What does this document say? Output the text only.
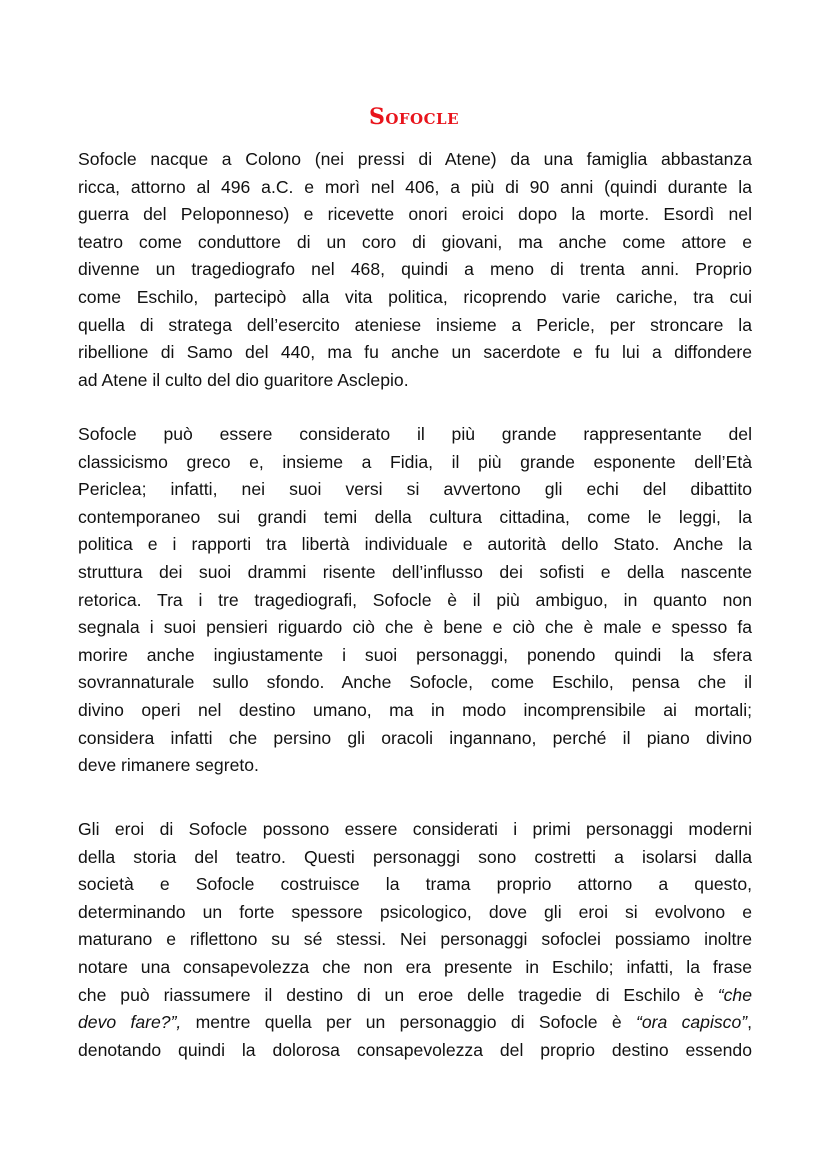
Sofocle
Sofocle nacque a Colono (nei pressi di Atene) da una famiglia abbastanza
ricca, attorno al 496 a.C. e morì nel 406, a più di 90 anni (quindi durante la
guerra del Peloponneso) e ricevette onori eroici dopo la morte. Esordì nel
teatro come conduttore di un coro di giovani, ma anche come attore e
divenne un tragediografo nel 468, quindi a meno di trenta anni. Proprio
come Eschilo, partecipò alla vita politica, ricoprendo varie cariche, tra cui
quella di stratega dell’esercito ateniese insieme a Pericle, per stroncare la
ribellione di Samo del 440, ma fu anche un sacerdote e fu lui a diffondere
ad Atene il culto del dio guaritore Asclepio.
Sofocle può essere considerato il più grande rappresentante del
classicismo greco e, insieme a Fidia, il più grande esponente dell’Età
Periclea; infatti, nei suoi versi si avvertono gli echi del dibattito
contemporaneo sui grandi temi della cultura cittadina, come le leggi, la
politica e i rapporti tra libertà individuale e autorità dello Stato. Anche la
struttura dei suoi drammi risente dell’influsso dei sofisti e della nascente
retorica. Tra i tre tragediografi, Sofocle è il più ambiguo, in quanto non
segnala i suoi pensieri riguardo ciò che è bene e ciò che è male e spesso fa
morire anche ingiustamente i suoi personaggi, ponendo quindi la sfera
sovrannaturale sullo sfondo. Anche Sofocle, come Eschilo, pensa che il
divino operi nel destino umano, ma in modo incomprensibile ai mortali;
considera infatti che persino gli oracoli ingannano, perché il piano divino
deve rimanere segreto.
Gli eroi di Sofocle possono essere considerati i primi personaggi moderni
della storia del teatro. Questi personaggi sono costretti a isolarsi dalla
società e Sofocle costruisce la trama proprio attorno a questo,
determinando un forte spessore psicologico, dove gli eroi si evolvono e
maturano e riflettono su sé stessi. Nei personaggi sofoclei possiamo inoltre
notare una consapevolezza che non era presente in Eschilo; infatti, la frase
che può riassumere il destino di un eroe delle tragedie di Eschilo è “che
devo fare?”, mentre quella per un personaggio di Sofocle è “ora capisco”,
denotando quindi la dolorosa consapevolezza del proprio destino essendo
